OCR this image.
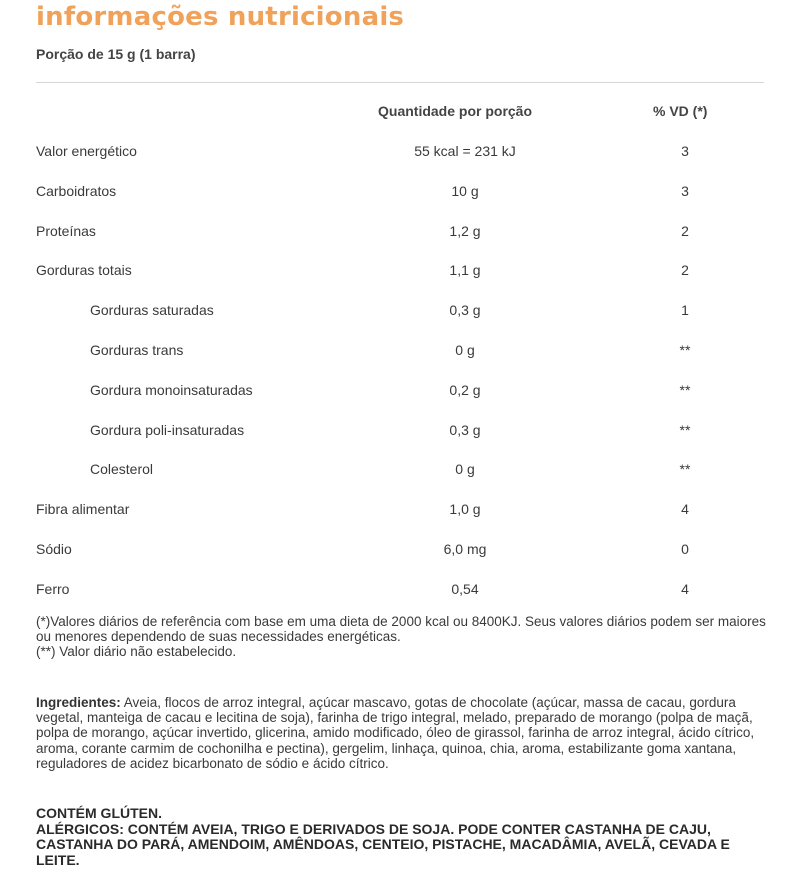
informações nutricionais
Porção de 15 g (1 barra)
Quantidade por porção	% VD (*)
Valor energético	55 kcal = 231 kJ	3
Carboidratos	10 g	3
Proteínas	1,2 g	2
Gorduras totais	1,1 g	2
Gorduras saturadas	0,3 g	1
Gorduras trans	0 g	**
Gordura monoinsaturadas	0,2 g	**
Gordura poli-insaturadas	0,3 g	**
Colesterol	0 g	**
Fibra alimentar	1,0 g	4
Sódio	6,0 mg	0
Ferro	0,54	4

(*)Valores diários de referência com base em uma dieta de 2000 kcal ou 8400KJ. Seus valores diários podem ser maiores ou menores dependendo de suas necessidades energéticas.

(**) Valor diário não estabelecido.

Ingredientes: Aveia, flocos de arroz integral, açúcar mascavo, gotas de chocolate (açúcar, massa de cacau, gordura vegetal, manteiga de cacau e lecitina de soja), farinha de trigo integral, melado, preparado de morango (polpa de maçã, polpa de morango, açúcar invertido, glicerina, amido modificado, óleo de girassol, farinha de arroz integral, ácido cítrico, aroma, corante carmim de cochonilha e pectina), gergelim, linhaça, quinoa, chia, aroma, estabilizante goma xantana, reguladores de acidez bicarbonato de sódio e ácido cítrico.

CONTÉM GLÚTEN.

ALÉRGICOS: CONTÉM AVEIA, TRIGO E DERIVADOS DE SOJA. PODE CONTER CASTANHA DE CAJU, CASTANHA DO PARÁ, AMENDOIM, AMÊNDOAS, CENTEIO, PISTACHE, MACADÂMIA, AVELÃ, CEVADA E LEITE.
